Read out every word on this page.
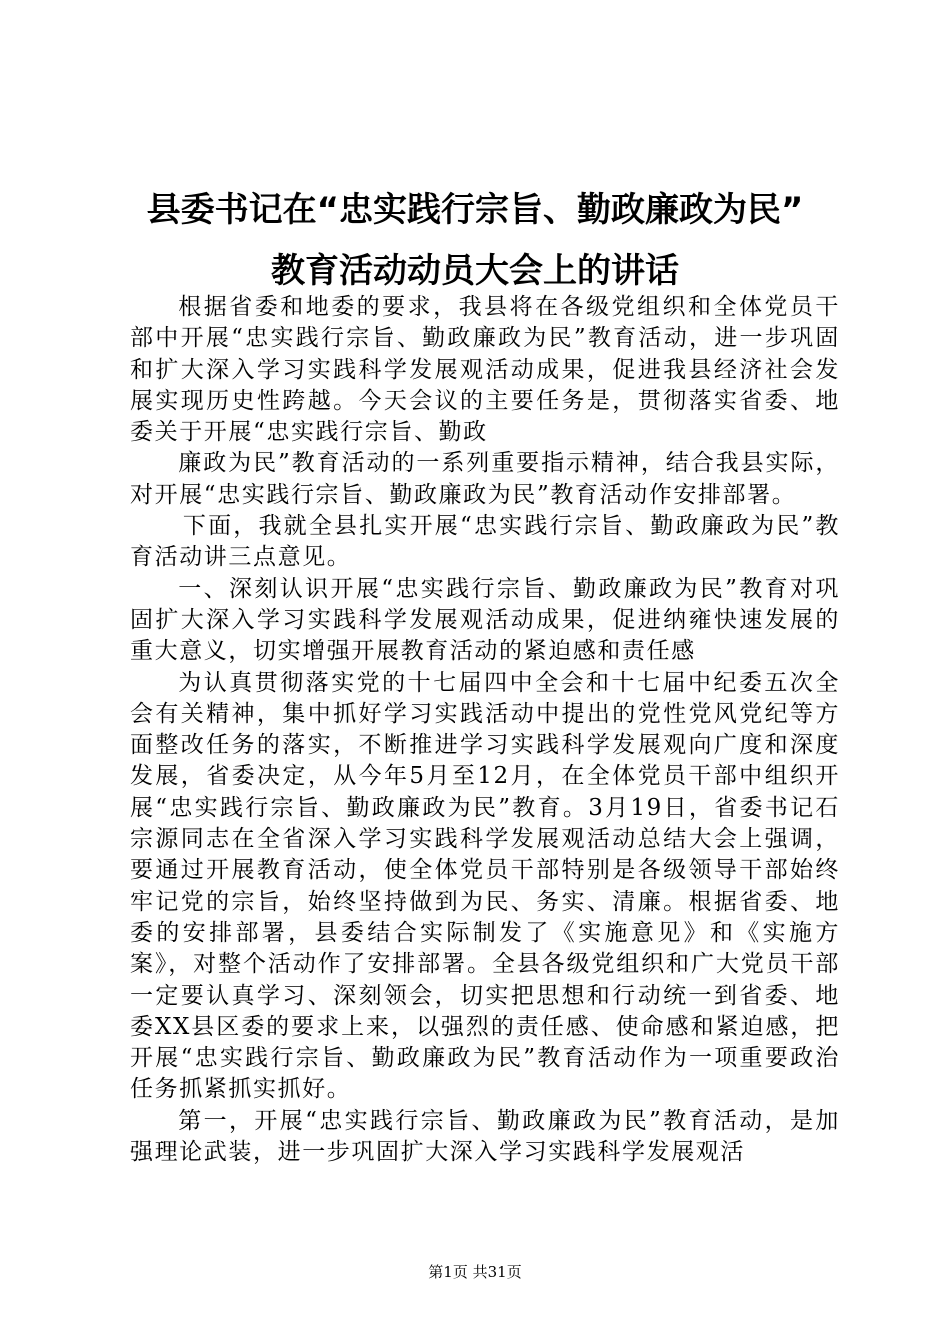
县委书记在“忠实践行宗旨、勤政廉政为民”
教育活动动员大会上的讲话

根据省委和地委的要求，我县将在各级党组织和全体党员干部中开展“忠实践行宗旨、勤政廉政为民”教育活动，进一步巩固和扩大深入学习实践科学发展观活动成果，促进我县经济社会发展实现历史性跨越。今天会议的主要任务是，贯彻落实省委、地委关于开展“忠实践行宗旨、勤政

廉政为民”教育活动的一系列重要指示精神，结合我县实际，对开展“忠实践行宗旨、勤政廉政为民”教育活动作安排部署。

下面，我就全县扎实开展“忠实践行宗旨、勤政廉政为民”教育活动讲三点意见。

一、深刻认识开展“忠实践行宗旨、勤政廉政为民”教育对巩固扩大深入学习实践科学发展观活动成果，促进纳雍快速发展的重大意义，切实增强开展教育活动的紧迫感和责任感

为认真贯彻落实党的十七届四中全会和十七届中纪委五次全会有关精神，集中抓好学习实践活动中提出的党性党风党纪等方面整改任务的落实，不断推进学习实践科学发展观向广度和深度发展，省委决定，从今年5月至12月，在全体党员干部中组织开展“忠实践行宗旨、勤政廉政为民”教育。3月19日，省委书记石宗源同志在全省深入学习实践科学发展观活动总结大会上强调，要通过开展教育活动，使全体党员干部特别是各级领导干部始终牢记党的宗旨，始终坚持做到为民、务实、清廉。根据省委、地委的安排部署，县委结合实际制发了《实施意见》和《实施方案》，对整个活动作了安排部署。全县各级党组织和广大党员干部一定要认真学习、深刻领会，切实把思想和行动统一到省委、地委XX县区委的要求上来，以强烈的责任感、使命感和紧迫感，把开展“忠实践行宗旨、勤政廉政为民”教育活动作为一项重要政治任务抓紧抓实抓好。

第一，开展“忠实践行宗旨、勤政廉政为民”教育活动，是加强理论武装，进一步巩固扩大深入学习实践科学发展观活

第1页 共31页
